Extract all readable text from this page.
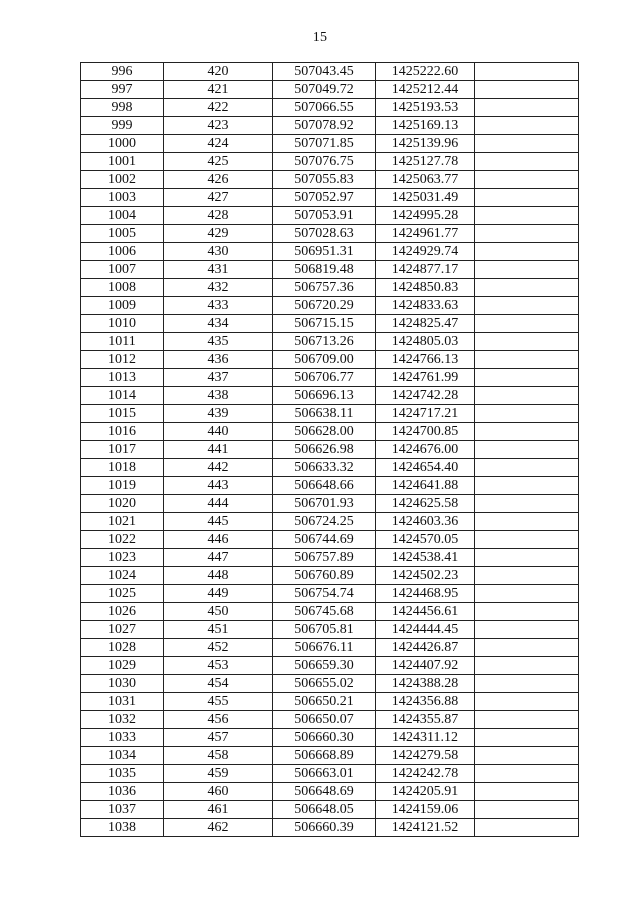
15
996	420	507043.45	1425222.60	
997	421	507049.72	1425212.44	
998	422	507066.55	1425193.53	
999	423	507078.92	1425169.13	
1000	424	507071.85	1425139.96	
1001	425	507076.75	1425127.78	
1002	426	507055.83	1425063.77	
1003	427	507052.97	1425031.49	
1004	428	507053.91	1424995.28	
1005	429	507028.63	1424961.77	
1006	430	506951.31	1424929.74	
1007	431	506819.48	1424877.17	
1008	432	506757.36	1424850.83	
1009	433	506720.29	1424833.63	
1010	434	506715.15	1424825.47	
1011	435	506713.26	1424805.03	
1012	436	506709.00	1424766.13	
1013	437	506706.77	1424761.99	
1014	438	506696.13	1424742.28	
1015	439	506638.11	1424717.21	
1016	440	506628.00	1424700.85	
1017	441	506626.98	1424676.00	
1018	442	506633.32	1424654.40	
1019	443	506648.66	1424641.88	
1020	444	506701.93	1424625.58	
1021	445	506724.25	1424603.36	
1022	446	506744.69	1424570.05	
1023	447	506757.89	1424538.41	
1024	448	506760.89	1424502.23	
1025	449	506754.74	1424468.95	
1026	450	506745.68	1424456.61	
1027	451	506705.81	1424444.45	
1028	452	506676.11	1424426.87	
1029	453	506659.30	1424407.92	
1030	454	506655.02	1424388.28	
1031	455	506650.21	1424356.88	
1032	456	506650.07	1424355.87	
1033	457	506660.30	1424311.12	
1034	458	506668.89	1424279.58	
1035	459	506663.01	1424242.78	
1036	460	506648.69	1424205.91	
1037	461	506648.05	1424159.06	
1038	462	506660.39	1424121.52	
